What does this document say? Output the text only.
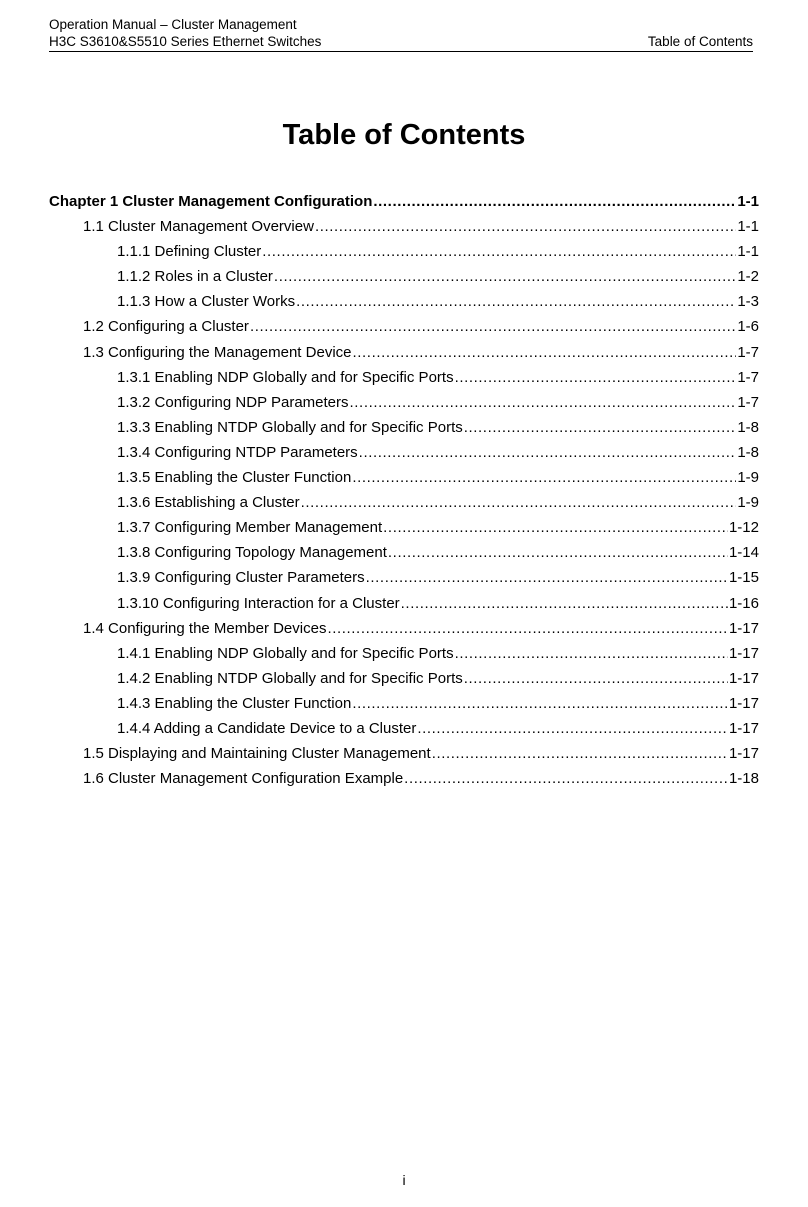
Operation Manual – Cluster Management
H3C S3610&S5510 Series Ethernet Switches	Table of Contents
Table of Contents
Chapter 1 Cluster Management Configuration .....	1-1
1.1 Cluster Management Overview .....	1-1
1.1.1 Defining Cluster .....	1-1
1.1.2 Roles in a Cluster .....	1-2
1.1.3 How a Cluster Works .....	1-3
1.2 Configuring a Cluster .....	1-6
1.3 Configuring the Management Device .....	1-7
1.3.1 Enabling NDP Globally and for Specific Ports .....	1-7
1.3.2 Configuring NDP Parameters .....	1-7
1.3.3 Enabling NTDP Globally and for Specific Ports .....	1-8
1.3.4 Configuring NTDP Parameters .....	1-8
1.3.5 Enabling the Cluster Function .....	1-9
1.3.6 Establishing a Cluster .....	1-9
1.3.7 Configuring Member Management .....	1-12
1.3.8 Configuring Topology Management .....	1-14
1.3.9 Configuring Cluster Parameters .....	1-15
1.3.10 Configuring Interaction for a Cluster .....	1-16
1.4 Configuring the Member Devices .....	1-17
1.4.1 Enabling NDP Globally and for Specific Ports .....	1-17
1.4.2 Enabling NTDP Globally and for Specific Ports .....	1-17
1.4.3 Enabling the Cluster Function .....	1-17
1.4.4 Adding a Candidate Device to a Cluster .....	1-17
1.5 Displaying and Maintaining Cluster Management .....	1-17
1.6 Cluster Management Configuration Example .....	1-18
i
